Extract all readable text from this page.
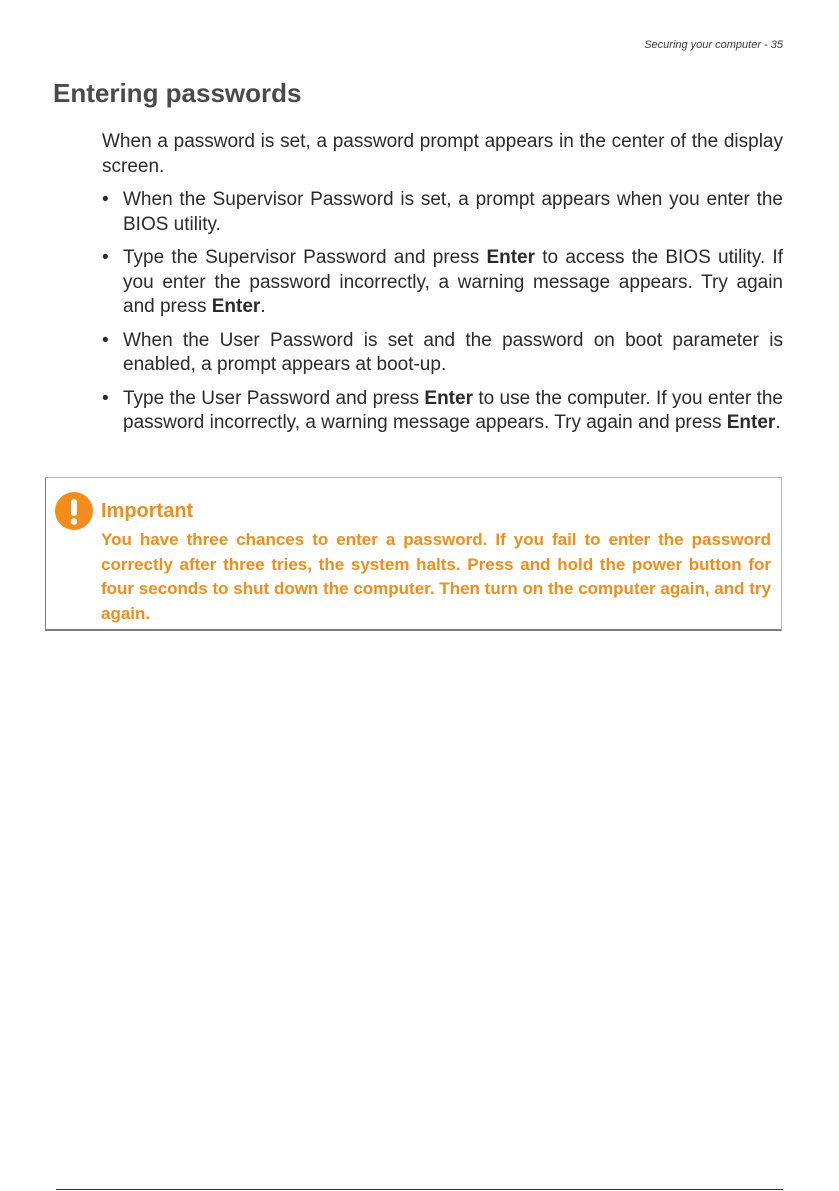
Securing your computer - 35
Entering passwords

When a password is set, a password prompt appears in the center of the display screen.

• When the Supervisor Password is set, a prompt appears when you enter the BIOS utility.
• Type the Supervisor Password and press Enter to access the BIOS utility. If you enter the password incorrectly, a warning message appears. Try again and press Enter.
• When the User Password is set and the password on boot parameter is enabled, a prompt appears at boot-up.
• Type the User Password and press Enter to use the computer. If you enter the password incorrectly, a warning message appears. Try again and press Enter.
Important

You have three chances to enter a password. If you fail to enter the password correctly after three tries, the system halts. Press and hold the power button for four seconds to shut down the computer. Then turn on the computer again, and try again.
